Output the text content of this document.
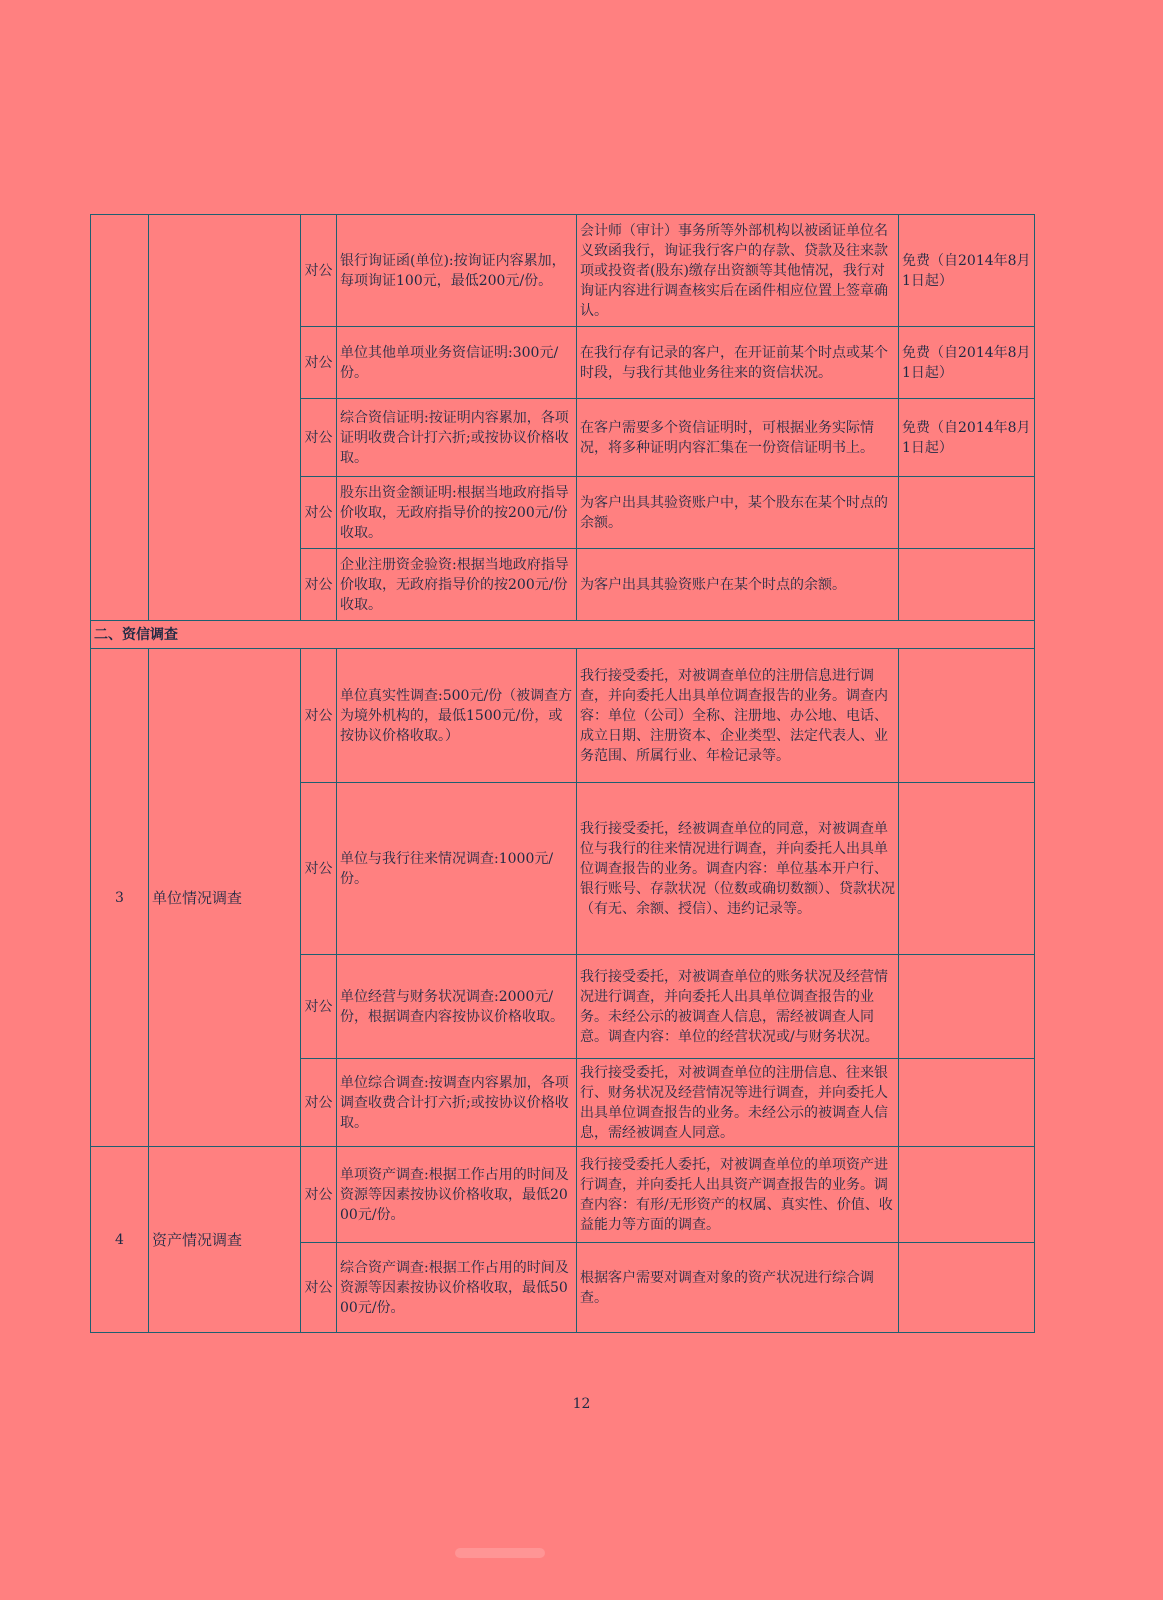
		对公	银行询证函(单位):按询证内容累加，每项询证100元，最低200元/份。	会计师（审计）事务所等外部机构以被函证单位名义致函我行，询证我行客户的存款、贷款及往来款项或投资者(股东)缴存出资额等其他情况，我行对询证内容进行调查核实后在函件相应位置上签章确认。	免费（自2014年8月1日起）
		对公	单位其他单项业务资信证明:300元/份。	在我行存有记录的客户，在开证前某个时点或某个时段，与我行其他业务往来的资信状况。	免费（自2014年8月1日起）
		对公	综合资信证明:按证明内容累加，各项证明收费合计打六折;或按协议价格收取。	在客户需要多个资信证明时，可根据业务实际情况，将多种证明内容汇集在一份资信证明书上。	免费（自2014年8月1日起）
		对公	股东出资金额证明:根据当地政府指导价收取，无政府指导价的按200元/份收取。	为客户出具其验资账户中，某个股东在某个时点的余额。	
		对公	企业注册资金验资:根据当地政府指导价收取，无政府指导价的按200元/份收取。	为客户出具其验资账户在某个时点的余额。	
二、资信调查					
3	单位情况调查	对公	单位真实性调查:500元/份（被调查方为境外机构的，最低1500元/份，或按协议价格收取。）	我行接受委托，对被调查单位的注册信息进行调查，并向委托人出具单位调查报告的业务。调查内容：单位（公司）全称、注册地、办公地、电话、成立日期、注册资本、企业类型、法定代表人、业务范围、所属行业、年检记录等。	
		对公	单位与我行往来情况调查:1000元/份。	我行接受委托，经被调查单位的同意，对被调查单位与我行的往来情况进行调查，并向委托人出具单位调查报告的业务。调查内容：单位基本开户行、银行账号、存款状况（位数或确切数额）、贷款状况（有无、余额、授信）、违约记录等。	
		对公	单位经营与财务状况调查:2000元/份，根据调查内容按协议价格收取。	我行接受委托，对被调查单位的账务状况及经营情况进行调查，并向委托人出具单位调查报告的业务。未经公示的被调查人信息，需经被调查人同意。调查内容：单位的经营状况或/与财务状况。	
		对公	单位综合调查:按调查内容累加，各项调查收费合计打六折;或按协议价格收取。	我行接受委托，对被调查单位的注册信息、往来银行、财务状况及经营情况等进行调查，并向委托人出具单位调查报告的业务。未经公示的被调查人信息，需经被调查人同意。	
4	资产情况调查	对公	单项资产调查:根据工作占用的时间及资源等因素按协议价格收取，最低2000元/份。	我行接受委托人委托，对被调查单位的单项资产进行调查，并向委托人出具资产调查报告的业务。调查内容：有形/无形资产的权属、真实性、价值、收益能力等方面的调查。	
		对公	综合资产调查:根据工作占用的时间及资源等因素按协议价格收取，最低5000元/份。	根据客户需要对调查对象的资产状况进行综合调查。	
12
